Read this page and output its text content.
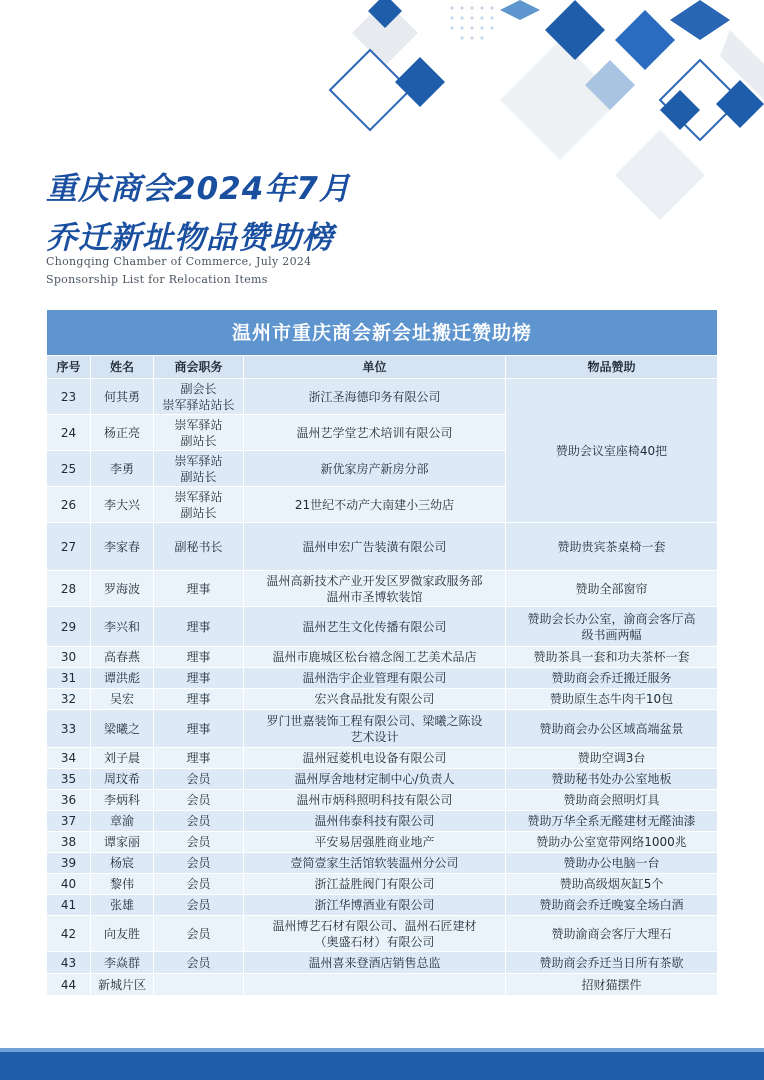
重庆商会2024年7月
乔迁新址物品赞助榜
Chongqing Chamber of Commerce, July 2024
Sponsorship List for Relocation Items
温州市重庆商会新会址搬迁赞助榜				
序号	姓名	商会职务	单位	物品赞助
23	何其勇	副会长
崇军驿站站长	浙江圣海德印务有限公司	赞助会议室座椅40把
24	杨正亮	崇军驿站
副站长	温州艺学堂艺术培训有限公司	
25	李勇	崇军驿站
副站长	新优家房产新房分部	
26	李大兴	崇军驿站
副站长	21世纪不动产大南建小三幼店	
27	李家春	副秘书长	温州申宏广告装潢有限公司	赞助贵宾茶桌椅一套
28	罗海波	理事	温州高新技术产业开发区罗微家政服务部
温州市圣博软装馆	赞助全部窗帘
29	李兴和	理事	温州艺生文化传播有限公司	赞助会长办公室，渝商会客厅高
级书画两幅
30	高春燕	理事	温州市鹿城区松台禧念阁工艺美术品店	赞助茶具一套和功夫茶杯一套
31	谭洪彪	理事	温州浩宇企业管理有限公司	赞助商会乔迁搬迁服务
32	吴宏	理事	宏兴食品批发有限公司	赞助原生态牛肉干10包
33	梁曦之	理事	罗门世嘉装饰工程有限公司、梁曦之陈设
艺术设计	赞助商会办公区域高端盆景
34	刘子晨	理事	温州冠菱机电设备有限公司	赞助空调3台
35	周玟希	会员	温州厚舍地材定制中心/负责人	赞助秘书处办公室地板
36	李炳科	会员	温州市炳科照明科技有限公司	赞助商会照明灯具
37	章渝	会员	温州伟泰科技有限公司	赞助万华全系无醛建材无醛油漆
38	谭家丽	会员	平安易居强胜商业地产	赞助办公室宽带网络1000兆
39	杨宸	会员	壹简壹家生活馆软装温州分公司	赞助办公电脑一台
40	黎伟	会员	浙江益胜阀门有限公司	赞助高级烟灰缸5个
41	张雄	会员	浙江华博酒业有限公司	赞助商会乔迁晚宴全场白酒
42	向友胜	会员	温州博艺石材有限公司、温州石匠建材
（奥盛石材）有限公司	赞助渝商会客厅大理石
43	李焱群	会员	温州喜来登酒店销售总监	赞助商会乔迁当日所有茶歇
44	新城片区			招财猫摆件
